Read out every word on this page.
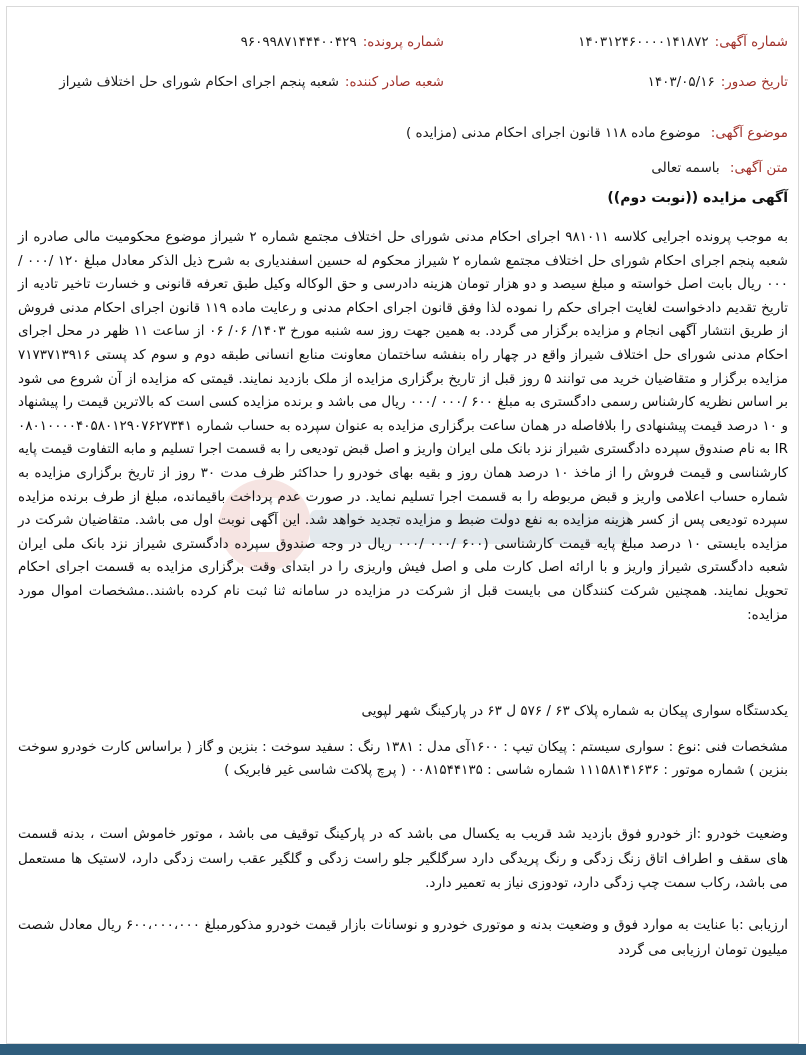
شماره آگهی:
۱۴۰۳۱۲۴۶۰۰۰۰۱۴۱۸۷۲
شماره پرونده:
۹۶۰۹۹۸۷۱۴۴۴۰۰۴۲۹
تاریخ صدور:
۱۴۰۳/۰۵/۱۶
شعبه صادر کننده:
شعبه پنجم اجرای احکام شورای حل اختلاف شیراز
موضوع آگهی: موضوع ماده ۱۱۸ قانون اجرای احکام مدنی (مزایده )
متن آگهی: باسمه تعالی
آگهی مزایده ((نوبت دوم))

به موجب پرونده اجرایی کلاسه ۹۸۱۰۱۱ اجرای احکام مدنی شورای حل اختلاف مجتمع شماره ۲ شیراز موضوع محکومیت مالی صادره از شعبه پنجم اجرای احکام شورای حل اختلاف مجتمع شماره ۲ شیراز محکوم له حسین اسفندیاری به شرح ذیل الذکر معادل مبلغ ۱۲۰ /۰۰۰ /۰۰۰ ریال بابت اصل خواسته و مبلغ سیصد و دو هزار تومان هزینه دادرسی و حق الوکاله وکیل طبق تعرفه قانونی و خسارت تاخیر تادیه از تاریخ تقدیم دادخواست لغایت اجرای حکم را نموده لذا وفق قانون اجرای احکام مدنی و رعایت ماده ۱۱۹ قانون اجرای احکام مدنی فروش از طریق انتشار آگهی انجام و مزایده برگزار می گردد. به همین جهت روز سه شنبه مورخ ۱۴۰۳/ ۰۶/ ۰۶ از ساعت ۱۱ ظهر در محل اجرای احکام مدنی شورای حل اختلاف شیراز واقع در چهار راه بنفشه ساختمان معاونت منابع انسانی طبقه دوم و سوم کد پستی ۷۱۷۳۷۱۳۹۱۶ مزایده برگزار و متقاضیان خرید می توانند ۵ روز قبل از تاریخ برگزاری مزایده از ملک بازدید نمایند. قیمتی که مزایده از آن شروع می شود بر اساس نظریه کارشناس رسمی دادگستری به مبلغ ۶۰۰ /۰۰۰ /۰۰۰ ریال می باشد و برنده مزایده کسی است که بالاترین قیمت را پیشنهاد و ۱۰ درصد قیمت پیشنهادی را بلافاصله در همان ساعت برگزاری مزایده به عنوان سپرده به حساب شماره ۰۸۰۱۰۰۰۰۴۰۵۸۰۱۲۹۰۷۶۲۷۳۴۱ IR به نام صندوق سپرده دادگستری شیراز نزد بانک ملی ایران واریز و اصل قبض تودیعی را به قسمت اجرا تسلیم و مابه التفاوت قیمت پایه کارشناسی و قیمت فروش را از ماخذ ۱۰ درصد همان روز و بقیه بهای خودرو را حداکثر ظرف مدت ۳۰ روز از تاریخ برگزاری مزایده به شماره حساب اعلامی واریز و قبض مربوطه را به قسمت اجرا تسلیم نماید. در صورت عدم پرداخت باقیمانده، مبلغ از طرف برنده مزایده سپرده تودیعی پس از کسر هزینه مزایده به نفع دولت ضبط و مزایده تجدید خواهد شد. این آگهی نوبت اول می باشد. متقاضیان شرکت در مزایده بایستی ۱۰ درصد مبلغ پایه قیمت کارشناسی (۶۰۰ /۰۰۰ /۰۰۰ ریال در وجه صندوق سپرده دادگستری شیراز نزد بانک ملی ایران شعبه دادگستری شیراز واریز و با ارائه اصل کارت ملی و اصل فیش واریزی را در ابتدای وقت برگزاری مزایده به قسمت اجرای احکام تحویل نمایند. همچنین شرکت کنندگان می بایست قبل از شرکت در مزایده در سامانه ثنا ثبت نام کرده باشند..مشخصات اموال مورد مزایده:

یکدستگاه سواری پیکان به شماره پلاک ۶۳ / ۵۷۶ ل ۶۳ در پارکینگ شهر لپویی

مشخصات فنی :نوع : سواری سیستم : پیکان تیپ : ۱۶۰۰آی مدل : ۱۳۸۱ رنگ : سفید سوخت : بنزین و گاز ( براساس کارت خودرو سوخت بنزین ) شماره موتور : ۱۱۱۵۸۱۴۱۶۳۶ شماره شاسی : ۰۰۸۱۵۴۴۱۳۵ ( پرچ پلاکت شاسی غیر فابریک )

وضعیت خودرو :از خودرو فوق بازدید شد قریب به یکسال می باشد که در پارکینگ توقیف می باشد ، موتور خاموش است ، بدنه قسمت های سقف و اطراف اتاق زنگ زدگی و رنگ پریدگی دارد سرگلگیر جلو راست زدگی و گلگیر عقب راست زدگی دارد، لاستیک ها مستعمل می باشد، رکاب سمت چپ زدگی دارد، تودوزی نیاز به تعمیر دارد.

ارزیابی :با عنایت به موارد فوق و وضعیت بدنه و موتوری خودرو و نوسانات بازار قیمت خودرو مذکورمبلغ ۶۰۰،۰۰۰،۰۰۰ ریال معادل شصت میلیون تومان ارزیابی می گردد
